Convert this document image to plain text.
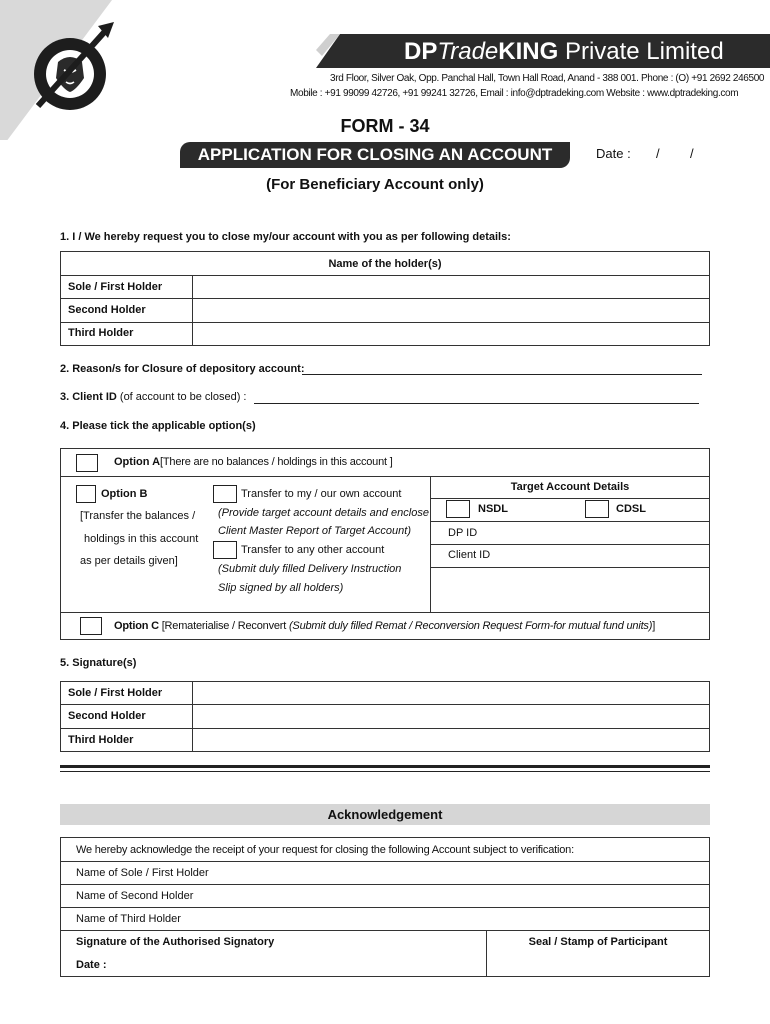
DPTradeKING Private Limited
3rd Floor, Silver Oak, Opp. Panchal Hall, Town Hall Road, Anand - 388 001. Phone : (O) +91 2692 246500
Mobile : +91 99099 42726, +91 99241 32726, Email : info@dptradeking.com Website : www.dptradeking.com
FORM - 34
APPLICATION FOR CLOSING AN ACCOUNT	Date : / /
(For Beneficiary Account only)
1. I / We hereby request you to close my/our account with you as per following details:
Name of the holder(s)
Sole / First Holder
Second Holder
Third Holder
2. Reason/s for Closure of depository account:
3. Client ID (of account to be closed) :
4. Please tick the applicable option(s)
Option A[There are no balances / holdings in this account ]
Option B
[Transfer the balances /
holdings in this account
as per details given]
Transfer to my / our own account
(Provide target account details and enclose
Client Master Report of Target Account)
Transfer to any other account
(Submit duly filled Delivery Instruction
Slip signed by all holders)
Target Account Details
NSDL	CDSL
DP ID
Client ID
Option C [Rematerialise / Reconvert (Submit duly filled Remat / Reconversion Request Form-for mutual fund units)]
5. Signature(s)
Sole / First Holder
Second Holder
Third Holder
Acknowledgement
We hereby acknowledge the receipt of your request for closing the following Account subject to verification:
Name of Sole / First Holder
Name of Second Holder
Name of Third Holder
Signature of the Authorised Signatory	Seal / Stamp of Participant
Date :
